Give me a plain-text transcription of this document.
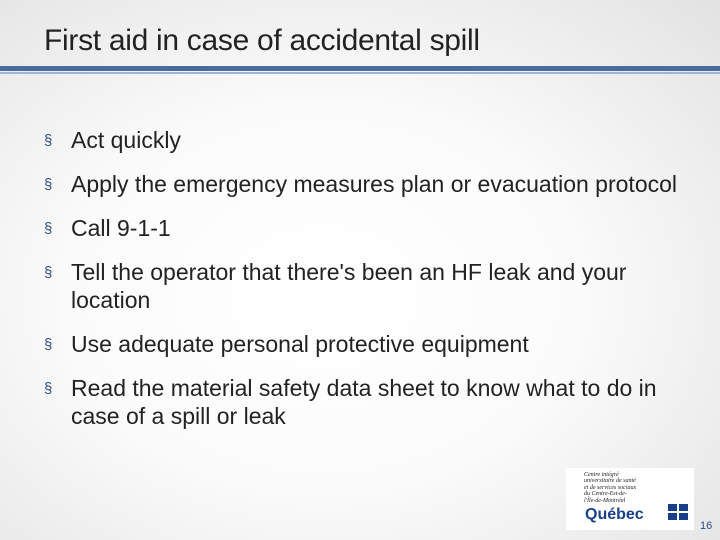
First aid in case of accidental spill
§ Act quickly
§ Apply the emergency measures plan or evacuation protocol
§ Call 9-1-1
§ Tell the operator that there's been an HF leak and your location
§ Use adequate personal protective equipment
§ Read the material safety data sheet to know what to do in case of a spill or leak
Centre intégré
universitaire de santé
et de services sociaux
du Centre-Est-de-
l'Île-de-Montréal
Québec
16
